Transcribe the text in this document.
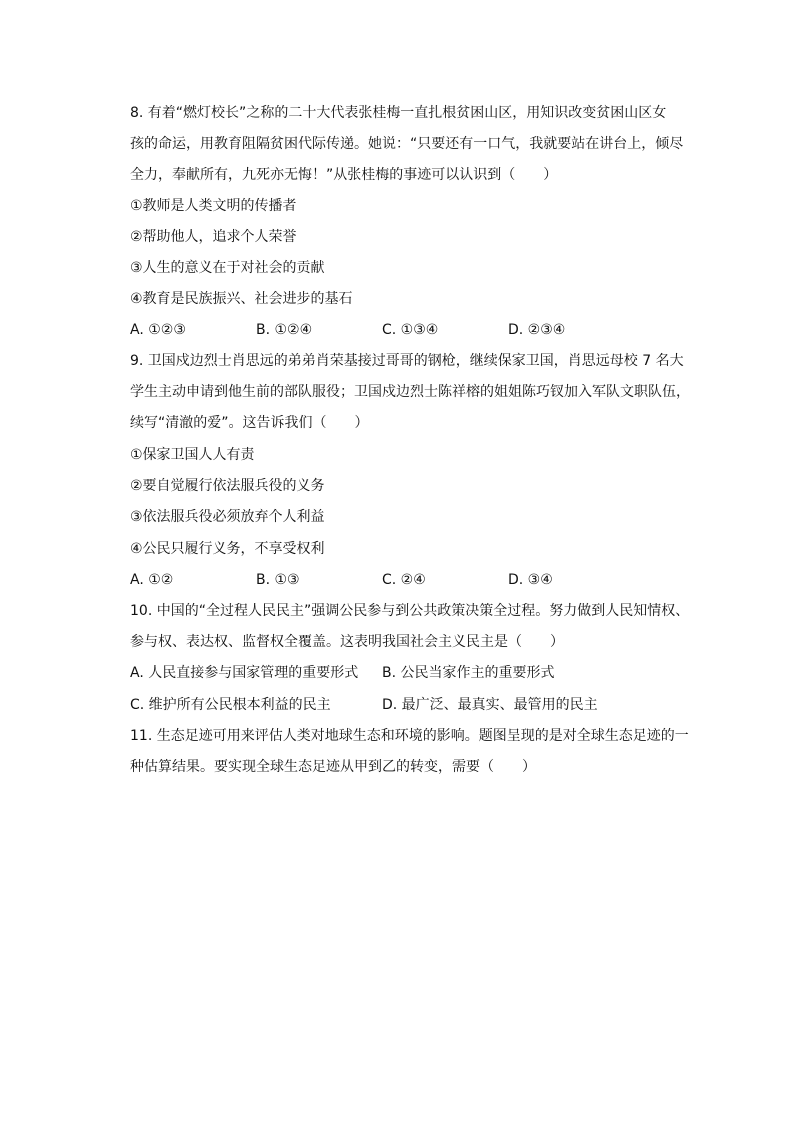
8. 有着“燃灯校长”之称的二十大代表张桂梅一直扎根贫困山区，用知识改变贫困山区女
孩的命运，用教育阻隔贫困代际传递。她说：“只要还有一口气，我就要站在讲台上，倾尽
全力，奉献所有，九死亦无悔！”从张桂梅的事迹可以认识到（　　）
①教师是人类文明的传播者
②帮助他人，追求个人荣誉
③人生的意义在于对社会的贡献
④教育是民族振兴、社会进步的基石
A. ①②③	B. ①②④	C. ①③④	D. ②③④
9. 卫国戍边烈士肖思远的弟弟肖荣基接过哥哥的钢枪，继续保家卫国，肖思远母校 7 名大
学生主动申请到他生前的部队服役；卫国戍边烈士陈祥榕的姐姐陈巧钗加入军队文职队伍，
续写“清澈的爱”。这告诉我们（　　）
①保家卫国人人有责
②要自觉履行依法服兵役的义务
③依法服兵役必须放弃个人利益
④公民只履行义务，不享受权利
A. ①②	B. ①③	C. ②④	D. ③④
10. 中国的“全过程人民民主”强调公民参与到公共政策决策全过程。努力做到人民知情权、
参与权、表达权、监督权全覆盖。这表明我国社会主义民主是（　　）
A. 人民直接参与国家管理的重要形式 B. 公民当家作主的重要形式
C. 维护所有公民根本利益的民主	D. 最广泛、最真实、最管用的民主
11. 生态足迹可用来评估人类对地球生态和环境的影响。题图呈现的是对全球生态足迹的一
种估算结果。要实现全球生态足迹从甲到乙的转变，需要（　　）
